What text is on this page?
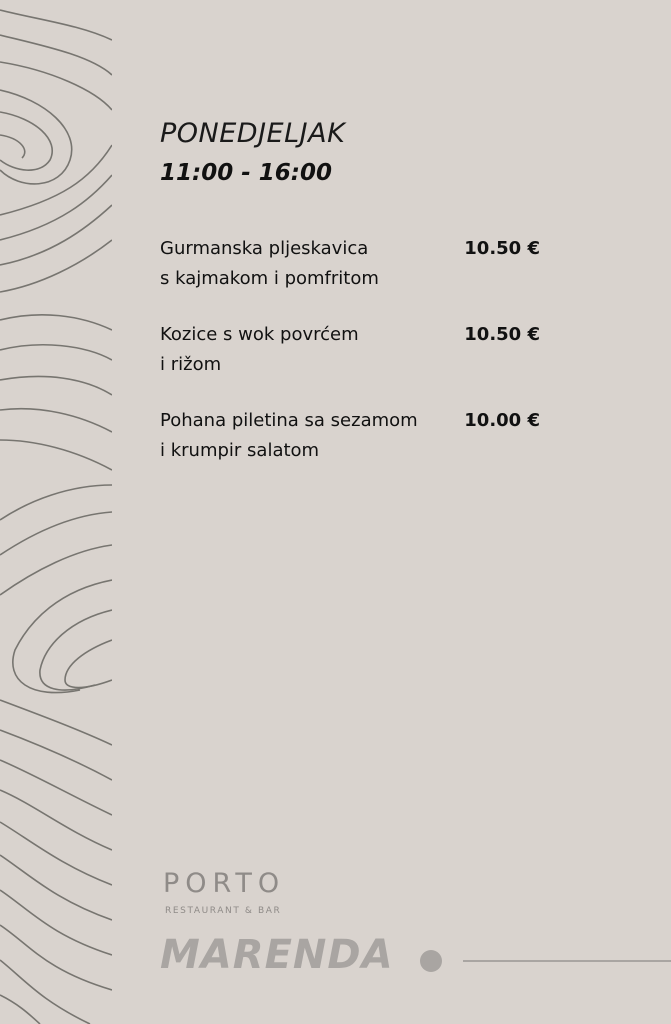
PONEDJELJAK
11:00 - 16:00
Gurmanska pljeskavica
s kajmakom i pomfritom
10.50 €
Kozice s wok povrćem
i rižom
10.50 €
Pohana piletina sa sezamom
i krumpir salatom
10.00 €
PORTO
RESTAURANT & BAR
MARENDA
